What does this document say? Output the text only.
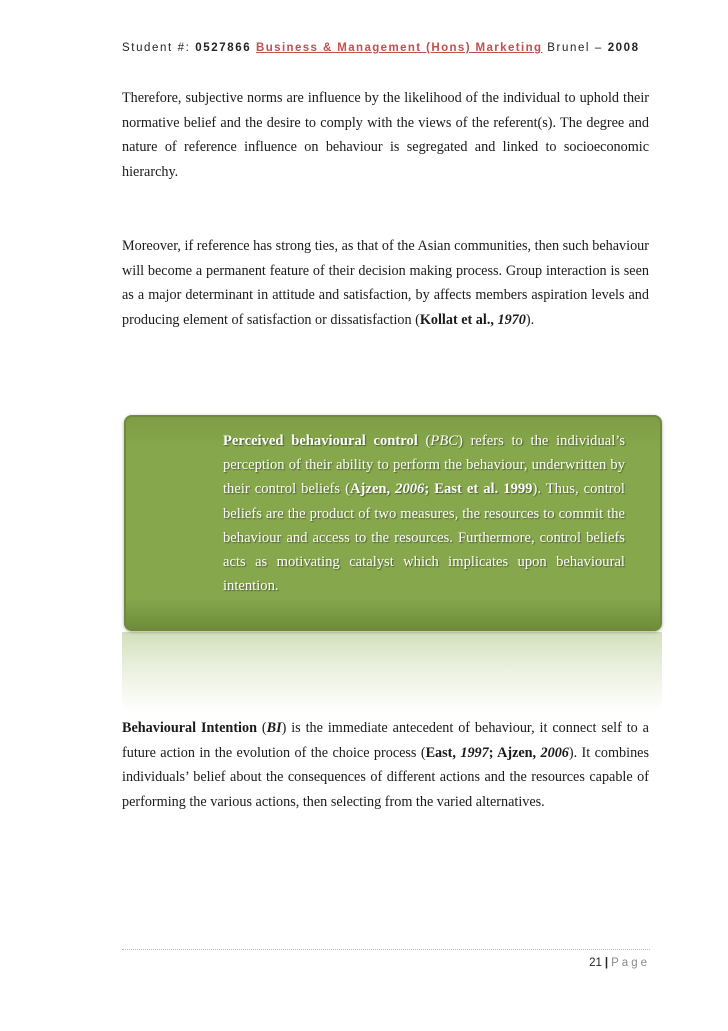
Student #: 0527866 Business & Management (Hons) Marketing Brunel – 2008

Therefore, subjective norms are influence by the likelihood of the individual to uphold their normative belief and the desire to comply with the views of the referent(s). The degree and nature of reference influence on behaviour is segregated and linked to socioeconomic hierarchy.

Moreover, if reference has strong ties, as that of the Asian communities, then such behaviour will become a permanent feature of their decision making process. Group interaction is seen as a major determinant in attitude and satisfaction, by affects members aspiration levels and producing element of satisfaction or dissatisfaction (Kollat et al., 1970).

Perceived behavioural control (PBC) refers to the individual’s perception of their ability to perform the behaviour, underwritten by their control beliefs (Ajzen, 2006; East et al. 1999). Thus, control beliefs are the product of two measures, the resources to commit the behaviour and access to the resources. Furthermore, control beliefs acts as motivating catalyst which implicates upon behavioural intention.

Behavioural Intention (BI) is the immediate antecedent of behaviour, it connect self to a future action in the evolution of the choice process (East, 1997; Ajzen, 2006). It combines individuals’ belief about the consequences of different actions and the resources capable of performing the various actions, then selecting from the varied alternatives.

21 | Page
